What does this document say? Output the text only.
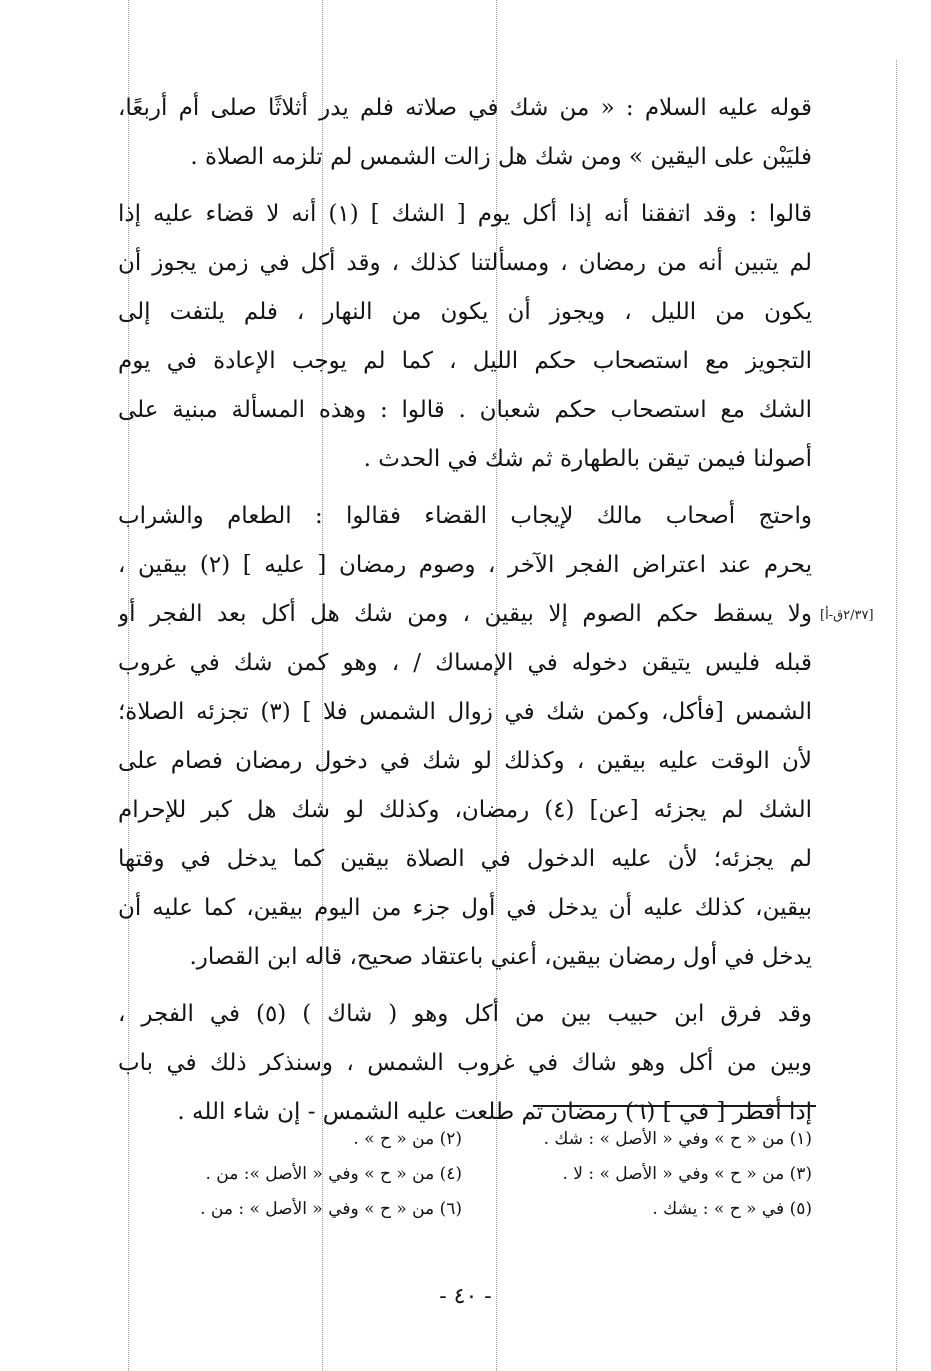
قوله عليه السلام : « من شك في صلاته فلم يدر أثلاثًا صلى أم أربعًا،
فليَبْن على اليقين » ومن شك هل زالت الشمس لم تلزمه الصلاة .
قالوا : وقد اتفقنا أنه إذا أكل يوم [ الشك ] (١) أنه لا قضاء عليه إذا
لم يتبين أنه من رمضان ، ومسألتنا كذلك ، وقد أكل في زمن يجوز أن
يكون من الليل ، ويجوز أن يكون من النهار ، فلم يلتفت إلى
التجويز مع استصحاب حكم الليل ، كما لم يوجب الإعادة في يوم
الشك مع استصحاب حكم شعبان . قالوا : وهذه المسألة مبنية على
أصولنا فيمن تيقن بالطهارة ثم شك في الحدث .
واحتج أصحاب مالك لإيجاب القضاء فقالوا : الطعام والشراب
يحرم عند اعتراض الفجر الآخر ، وصوم رمضان [ عليه ] (٢) بيقين ،
ولا يسقط حكم الصوم إلا بيقين ، ومن شك هل أكل بعد الفجر أو
قبله فليس يتيقن دخوله في الإمساك / ، وهو كمن شك في غروب
الشمس [فأكل، وكمن شك في زوال الشمس فلا ] (٣) تجزئه الصلاة؛
لأن الوقت عليه بيقين ، وكذلك لو شك في دخول رمضان فصام على
الشك لم يجزئه [عن] (٤) رمضان، وكذلك لو شك هل كبر للإحرام
لم يجزئه؛ لأن عليه الدخول في الصلاة بيقين كما يدخل في وقتها
بيقين، كذلك عليه أن يدخل في أول جزء من اليوم بيقين، كما عليه أن
يدخل في أول رمضان بيقين، أعني باعتقاد صحيح، قاله ابن القصار.
وقد فرق ابن حبيب بين من أكل وهو ( شاك ) (٥) في الفجر ،
وبين من أكل وهو شاك في غروب الشمس ، وسنذكر ذلك في باب
إذا أفطر [ في ] (٦) رمضان ثم طلعت عليه الشمس - إن شاء الله .
[٢/٣٧ق-أ]
(١) من « ح » وفي « الأصل » : شك .(٢) من « ح » .
(٣) من « ح » وفي « الأصل » : لا .(٤) من « ح » وفي « الأصل »: من .
(٥) في « ح » : يشك .(٦) من « ح » وفي « الأصل » : من .
- ٤٠ -
